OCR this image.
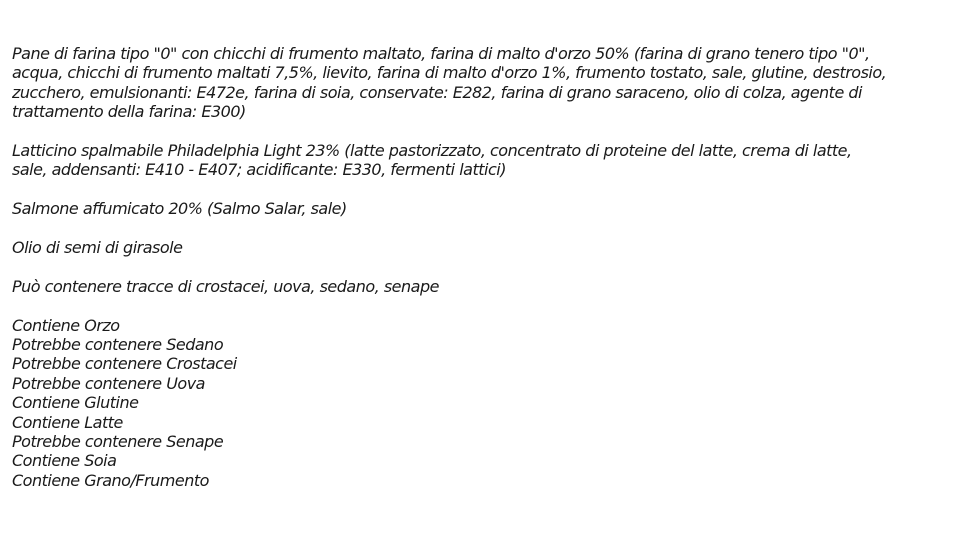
Pane di farina tipo "0" con chicchi di frumento maltato, farina di malto d'orzo 50% (farina di grano tenero tipo "0",
acqua, chicchi di frumento maltati 7,5%, lievito, farina di malto d'orzo 1%, frumento tostato, sale, glutine, destrosio,
zucchero, emulsionanti: E472e, farina di soia, conservate: E282, farina di grano saraceno, olio di colza, agente di
trattamento della farina: E300)

Latticino spalmabile Philadelphia Light 23% (latte pastorizzato, concentrato di proteine del latte, crema di latte,
sale, addensanti: E410 - E407; acidificante: E330, fermenti lattici)

Salmone affumicato 20% (Salmo Salar, sale)

Olio di semi di girasole

Può contenere tracce di crostacei, uova, sedano, senape

Contiene Orzo
Potrebbe contenere Sedano
Potrebbe contenere Crostacei
Potrebbe contenere Uova
Contiene Glutine
Contiene Latte
Potrebbe contenere Senape
Contiene Soia
Contiene Grano/Frumento
